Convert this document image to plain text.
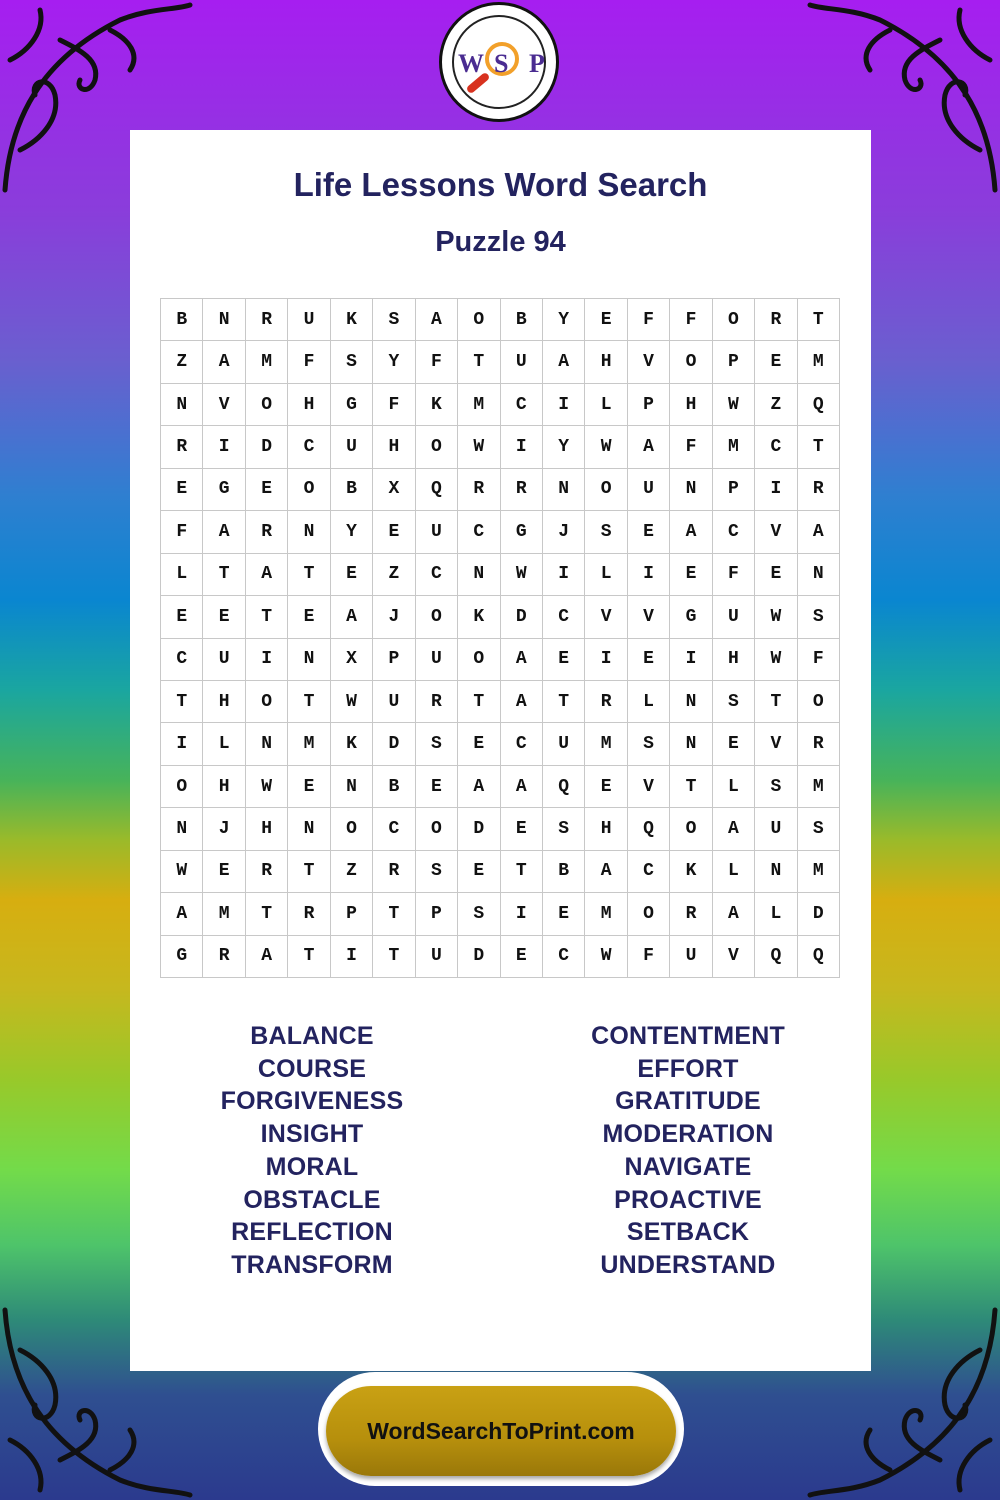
W S P
Life Lessons Word Search
Puzzle 94
B	N	R	U	K	S	A	O	B	Y	E	F	F	O	R	T
Z	A	M	F	S	Y	F	T	U	A	H	V	O	P	E	M
N	V	O	H	G	F	K	M	C	I	L	P	H	W	Z	Q
R	I	D	C	U	H	O	W	I	Y	W	A	F	M	C	T
E	G	E	O	B	X	Q	R	R	N	O	U	N	P	I	R
F	A	R	N	Y	E	U	C	G	J	S	E	A	C	V	A
L	T	A	T	E	Z	C	N	W	I	L	I	E	F	E	N
E	E	T	E	A	J	O	K	D	C	V	V	G	U	W	S
C	U	I	N	X	P	U	O	A	E	I	E	I	H	W	F
T	H	O	T	W	U	R	T	A	T	R	L	N	S	T	O
I	L	N	M	K	D	S	E	C	U	M	S	N	E	V	R
O	H	W	E	N	B	E	A	A	Q	E	V	T	L	S	M
N	J	H	N	O	C	O	D	E	S	H	Q	O	A	U	S
W	E	R	T	Z	R	S	E	T	B	A	C	K	L	N	M
A	M	T	R	P	T	P	S	I	E	M	O	R	A	L	D
G	R	A	T	I	T	U	D	E	C	W	F	U	V	Q	Q
BALANCE
COURSE
FORGIVENESS
INSIGHT
MORAL
OBSTACLE
REFLECTION
TRANSFORM
CONTENTMENT
EFFORT
GRATITUDE
MODERATION
NAVIGATE
PROACTIVE
SETBACK
UNDERSTAND
WordSearchToPrint.com
